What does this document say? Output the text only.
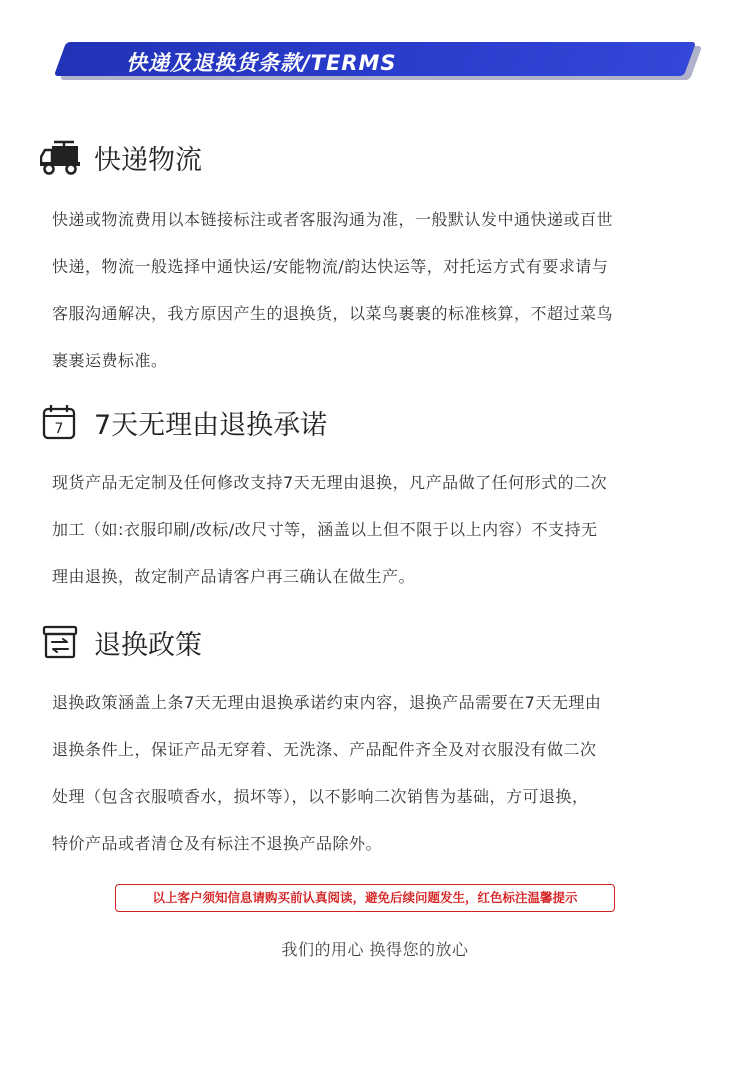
快递及退换货条款/TERMS
快递物流
快递或物流费用以本链接标注或者客服沟通为准，一般默认发中通快递或百世
快递，物流一般选择中通快运/安能物流/韵达快运等，对托运方式有要求请与
客服沟通解决，我方原因产生的退换货，以菜鸟裹裹的标准核算，不超过菜鸟
裹裹运费标准。
7 7天无理由退换承诺
现货产品无定制及任何修改支持7天无理由退换，凡产品做了任何形式的二次
加工（如:衣服印刷/改标/改尺寸等，涵盖以上但不限于以上内容）不支持无
理由退换，故定制产品请客户再三确认在做生产。
退换政策
退换政策涵盖上条7天无理由退换承诺约束内容，退换产品需要在7天无理由
退换条件上，保证产品无穿着、无洗涤、产品配件齐全及对衣服没有做二次
处理（包含衣服喷香水，损坏等），以不影响二次销售为基础，方可退换，
特价产品或者清仓及有标注不退换产品除外。
以上客户须知信息请购买前认真阅读，避免后续问题发生，红色标注温馨提示
我们的用心 换得您的放心
